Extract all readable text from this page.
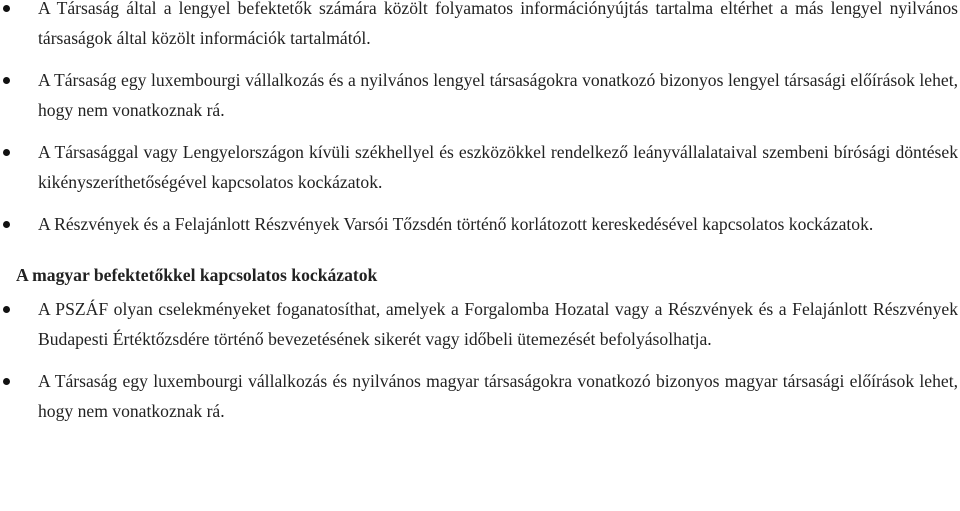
A Társaság által a lengyel befektetők számára közölt folyamatos információnyújtás tartalma eltérhet a más lengyel nyilvános társaságok által közölt információk tartalmától.
A Társaság egy luxembourgi vállalkozás és a nyilvános lengyel társaságokra vonatkozó bizonyos lengyel társasági előírások lehet, hogy nem vonatkoznak rá.
A Társasággal vagy Lengyelországon kívüli székhellyel és eszközökkel rendelkező leányvállalataival szembeni bírósági döntések kikényszeríthetőségével kapcsolatos kockázatok.
A Részvények és a Felajánlott Részvények Varsói Tőzsdén történő korlátozott kereskedésével kapcsolatos kockázatok.
A magyar befektetőkkel kapcsolatos kockázatok
A PSZÁF olyan cselekményeket foganatosíthat, amelyek a Forgalomba Hozatal vagy a Részvények és a Felajánlott Részvények Budapesti Értéktőzsdére történő bevezetésének sikerét vagy időbeli ütemezését befolyásolhatja.
A Társaság egy luxembourgi vállalkozás és nyilvános magyar társaságokra vonatkozó bizonyos magyar társasági előírások lehet, hogy nem vonatkoznak rá.
